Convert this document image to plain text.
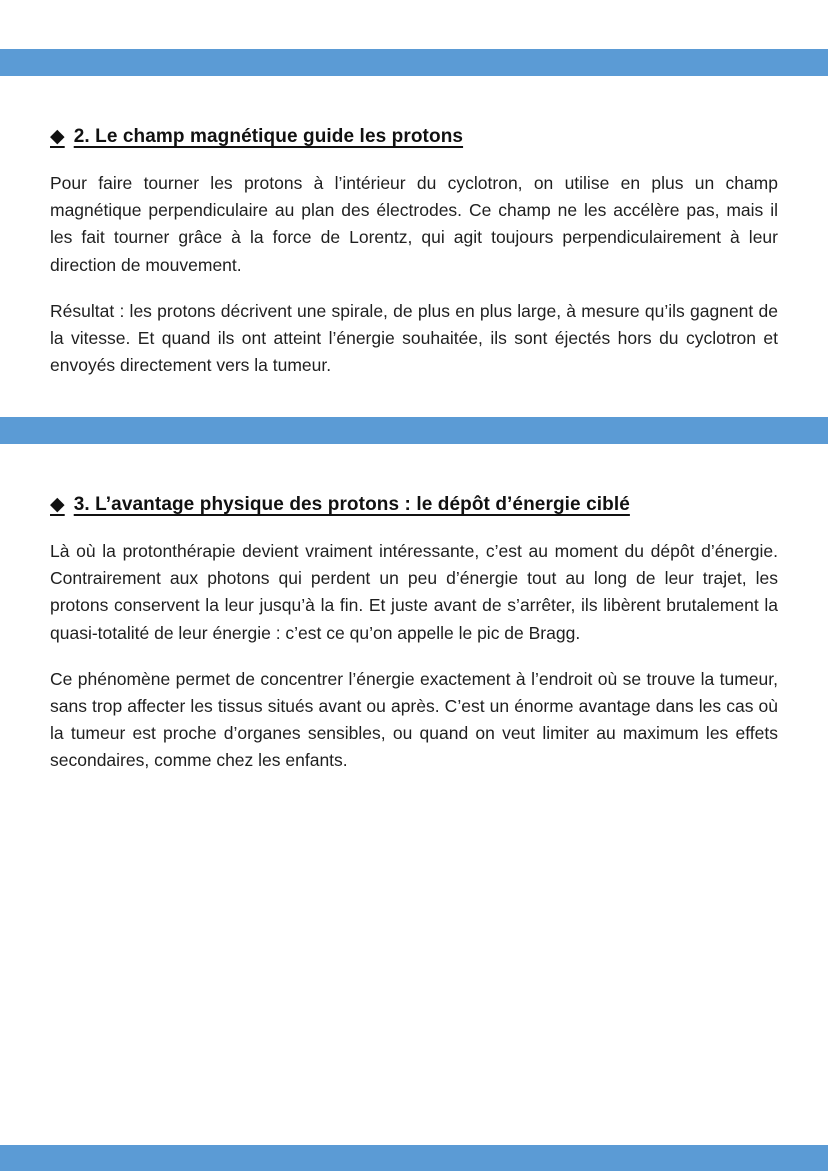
◆ 2. Le champ magnétique guide les protons

Pour faire tourner les protons à l’intérieur du cyclotron, on utilise en plus un champ magnétique perpendiculaire au plan des électrodes. Ce champ ne les accélère pas, mais il les fait tourner grâce à la force de Lorentz, qui agit toujours perpendiculairement à leur direction de mouvement.

Résultat : les protons décrivent une spirale, de plus en plus large, à mesure qu’ils gagnent de la vitesse. Et quand ils ont atteint l’énergie souhaitée, ils sont éjectés hors du cyclotron et envoyés directement vers la tumeur.

◆ 3. L’avantage physique des protons : le dépôt d’énergie ciblé

Là où la protonthérapie devient vraiment intéressante, c’est au moment du dépôt d’énergie. Contrairement aux photons qui perdent un peu d’énergie tout au long de leur trajet, les protons conservent la leur jusqu’à la fin. Et juste avant de s’arrêter, ils libèrent brutalement la quasi-totalité de leur énergie : c’est ce qu’on appelle le pic de Bragg.

Ce phénomène permet de concentrer l’énergie exactement à l’endroit où se trouve la tumeur, sans trop affecter les tissus situés avant ou après. C’est un énorme avantage dans les cas où la tumeur est proche d’organes sensibles, ou quand on veut limiter au maximum les effets secondaires, comme chez les enfants.
